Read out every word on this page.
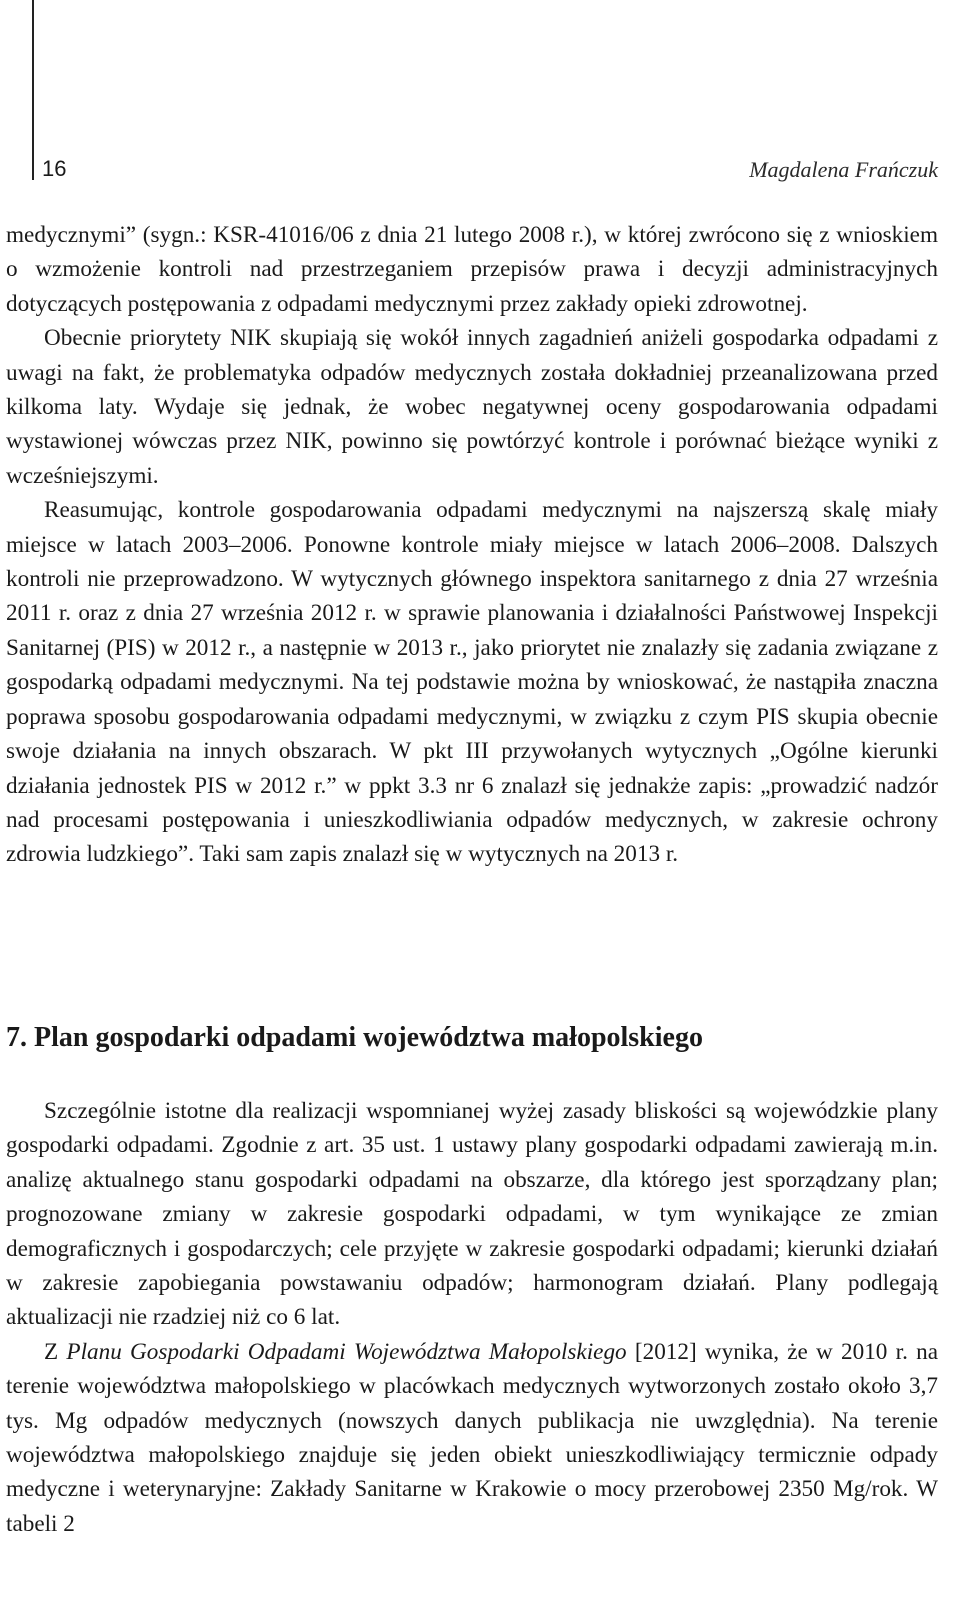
16	Magdalena Frańczuk

medycznymi” (sygn.: KSR-41016/06 z dnia 21 lutego 2008 r.), w której zwrócono się z wnioskiem o wzmożenie kontroli nad przestrzeganiem przepisów prawa i decyzji administracyjnych dotyczących postępowania z odpadami medycznymi przez zakłady opieki zdrowotnej.

Obecnie priorytety NIK skupiają się wokół innych zagadnień aniżeli gospodarka odpadami z uwagi na fakt, że problematyka odpadów medycznych została dokładniej przeanalizowana przed kilkoma laty. Wydaje się jednak, że wobec negatywnej oceny gospodarowania odpadami wystawionej wówczas przez NIK, powinno się powtórzyć kontrole i porównać bieżące wyniki z wcześniejszymi.

Reasumując, kontrole gospodarowania odpadami medycznymi na najszerszą skalę miały miejsce w latach 2003–2006. Ponowne kontrole miały miejsce w latach 2006–2008. Dalszych kontroli nie przeprowadzono. W wytycznych głównego inspektora sanitarnego z dnia 27 września 2011 r. oraz z dnia 27 września 2012 r. w sprawie planowania i działalności Państwowej Inspekcji Sanitarnej (PIS) w 2012 r., a następnie w 2013 r., jako priorytet nie znalazły się zadania związane z gospodarką odpadami medycznymi. Na tej podstawie można by wnioskować, że nastąpiła znaczna poprawa sposobu gospodarowania odpadami medycznymi, w związku z czym PIS skupia obecnie swoje działania na innych obszarach. W pkt III przywołanych wytycznych „Ogólne kierunki działania jednostek PIS w 2012 r.” w ppkt 3.3 nr 6 znalazł się jednakże zapis: „prowadzić nadzór nad procesami postępowania i unieszkodliwiania odpadów medycznych, w zakresie ochrony zdrowia ludzkiego”. Taki sam zapis znalazł się w wytycznych na 2013 r.

7. Plan gospodarki odpadami województwa małopolskiego

Szczególnie istotne dla realizacji wspomnianej wyżej zasady bliskości są wojewódzkie plany gospodarki odpadami. Zgodnie z art. 35 ust. 1 ustawy plany gospodarki odpadami zawierają m.in. analizę aktualnego stanu gospodarki odpadami na obszarze, dla którego jest sporządzany plan; prognozowane zmiany w zakresie gospodarki odpadami, w tym wynikające ze zmian demograficznych i gospodarczych; cele przyjęte w zakresie gospodarki odpadami; kierunki działań w zakresie zapobiegania powstawaniu odpadów; harmonogram działań. Plany podlegają aktualizacji nie rzadziej niż co 6 lat.

Z Planu Gospodarki Odpadami Województwa Małopolskiego [2012] wynika, że w 2010 r. na terenie województwa małopolskiego w placówkach medycznych wytworzonych zostało około 3,7 tys. Mg odpadów medycznych (nowszych danych publikacja nie uwzględnia). Na terenie województwa małopolskiego znajduje się jeden obiekt unieszkodliwiający termicznie odpady medyczne i weterynaryjne: Zakłady Sanitarne w Krakowie o mocy przerobowej 2350 Mg/rok. W tabeli 2
